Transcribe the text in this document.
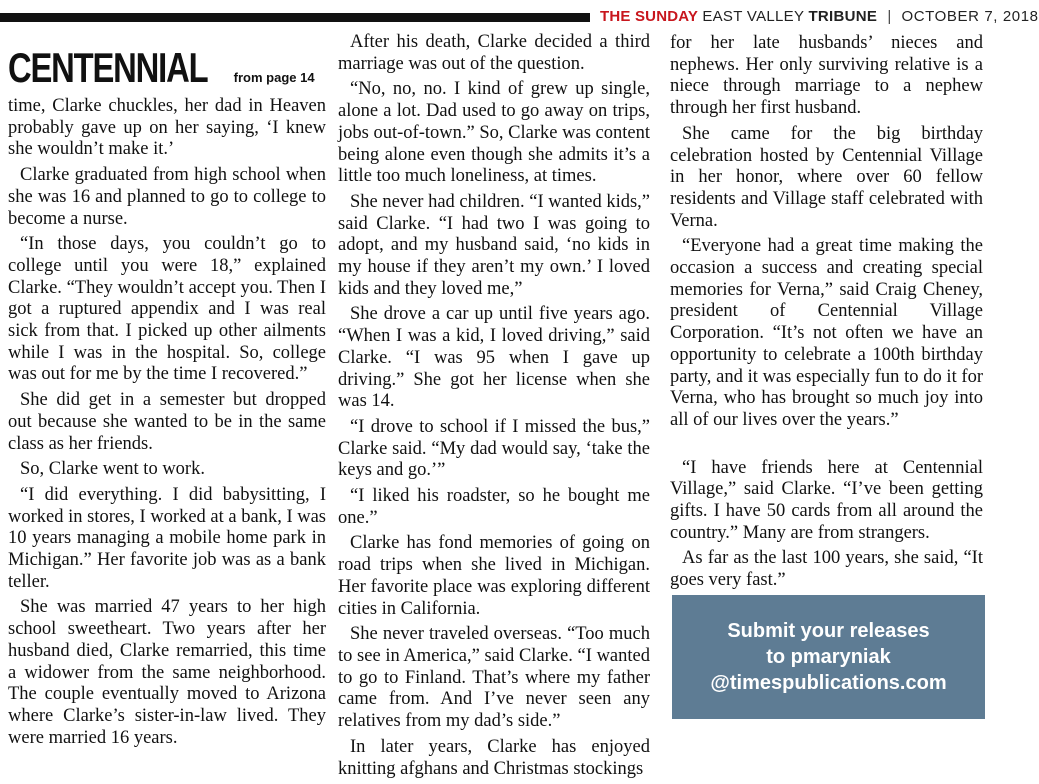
THE SUNDAY EAST VALLEY TRIBUNE | OCTOBER 7, 2018
CENTENNIAL from page 14

time, Clarke chuckles, her dad in Heaven probably gave up on her saying, ‘I knew she wouldn’t make it.’

Clarke graduated from high school when she was 16 and planned to go to college to become a nurse.

“In those days, you couldn’t go to college until you were 18,” explained Clarke. “They wouldn’t accept you. Then I got a ruptured appendix and I was real sick from that. I picked up other ailments while I was in the hospital. So, college was out for me by the time I recovered.”

She did get in a semester but dropped out because she wanted to be in the same class as her friends.

So, Clarke went to work.

“I did everything. I did babysitting, I worked in stores, I worked at a bank, I was 10 years managing a mobile home park in Michigan.” Her favorite job was as a bank teller.

She was married 47 years to her high school sweetheart. Two years after her husband died, Clarke remarried, this time a widower from the same neighborhood. The couple eventually moved to Arizona where Clarke’s sister-in-law lived. They were married 16 years.

After his death, Clarke decided a third marriage was out of the question.

“No, no, no. I kind of grew up single, alone a lot. Dad used to go away on trips, jobs out-of-town.” So, Clarke was content being alone even though she admits it’s a little too much loneliness, at times.

She never had children. “I wanted kids,” said Clarke. “I had two I was going to adopt, and my husband said, ‘no kids in my house if they aren’t my own.’ I loved kids and they loved me,”

She drove a car up until five years ago. “When I was a kid, I loved driving,” said Clarke. “I was 95 when I gave up driving.” She got her license when she was 14.

“I drove to school if I missed the bus,” Clarke said. “My dad would say, ‘take the keys and go.’”

“I liked his roadster, so he bought me one.”

Clarke has fond memories of going on road trips when she lived in Michigan. Her favorite place was exploring different cities in California.

She never traveled overseas. “Too much to see in America,” said Clarke. “I wanted to go to Finland. That’s where my father came from. And I’ve never seen any relatives from my dad’s side.”

In later years, Clarke has enjoyed knitting afghans and Christmas stockings

for her late husbands’ nieces and nephews. Her only surviving relative is a niece through marriage to a nephew through her first husband.

She came for the big birthday celebration hosted by Centennial Village in her honor, where over 60 fellow residents and Village staff celebrated with Verna.

“Everyone had a great time making the occasion a success and creating special memories for Verna,” said Craig Cheney, president of Centennial Village Corporation. “It’s not often we have an opportunity to celebrate a 100th birthday party, and it was especially fun to do it for Verna, who has brought so much joy into all of our lives over the years.”

“I have friends here at Centennial Village,” said Clarke. “I’ve been getting gifts. I have 50 cards from all around the country.” Many are from strangers.

As far as the last 100 years, she said, “It goes very fast.”

Submit your releases
to pmaryniak
@timespublications.com
